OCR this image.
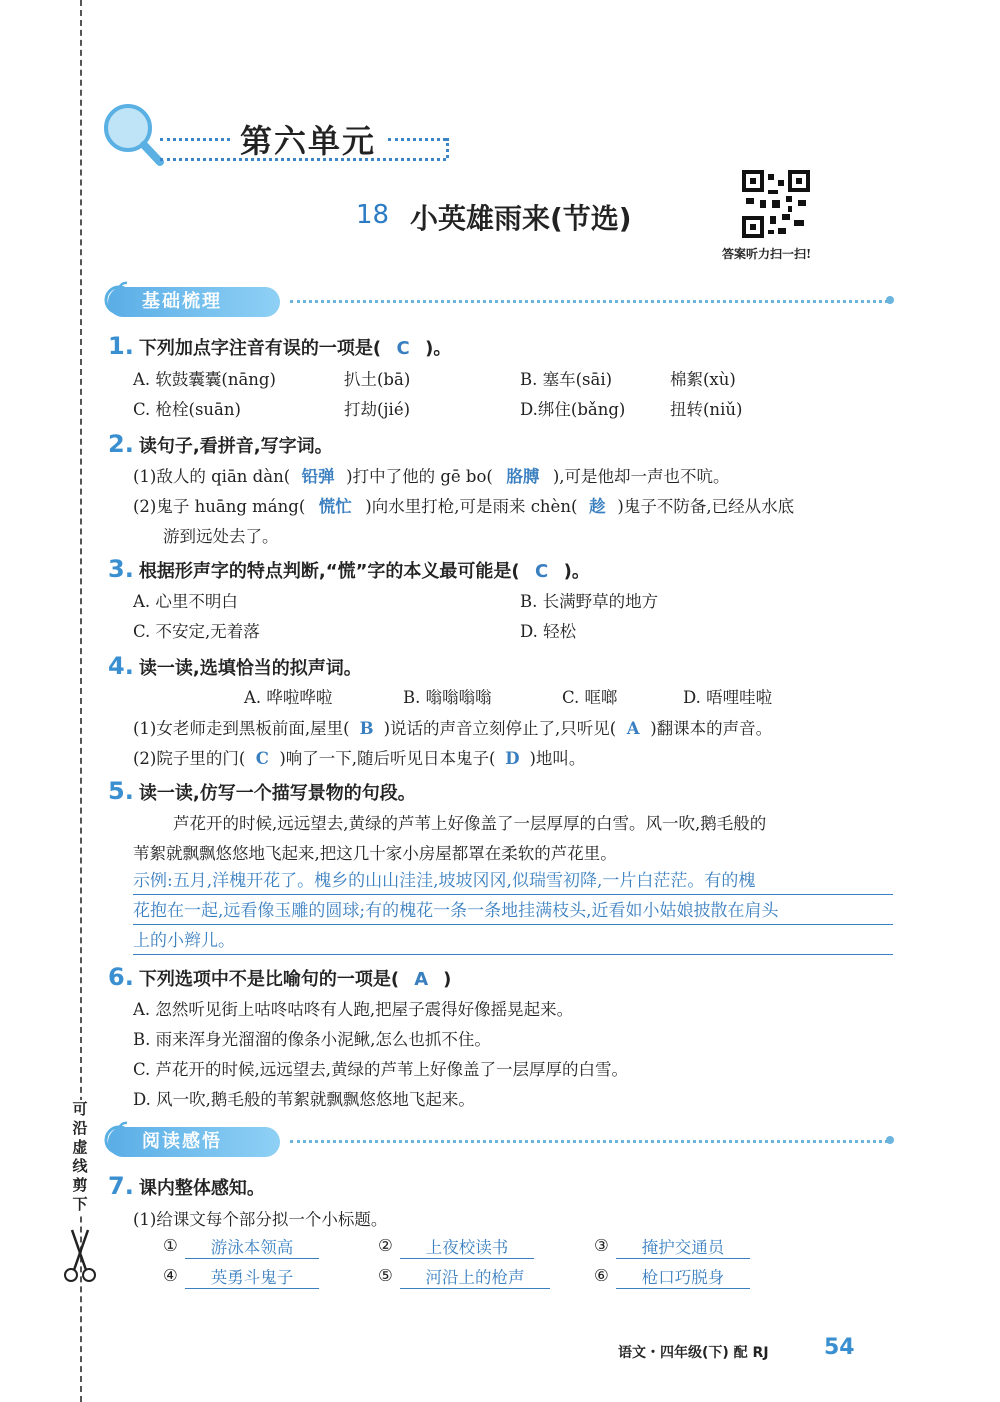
可沿虚线剪下
第六单元
18 小英雄雨来(节选)
答案听力扫一扫!
基础梳理
1. 下列加点字注音有误的一项是( C )。
A. 软鼓囊囊(nāng)	扒土(bā)	B. 塞车(sāi)	棉絮(xù)
C. 枪栓(suān)	打劫(jié)	D.绑住(bǎng)	扭转(niǔ)
2. 读句子,看拼音,写字词。
(1)敌人的 qiān dàn( 铅弹 )打中了他的 gē bo( 胳膊 ),可是他却一声也不吭。
(2)鬼子 huāng máng( 慌忙 )向水里打枪,可是雨来 chèn( 趁 )鬼子不防备,已经从水底
游到远处去了。
3. 根据形声字的特点判断,“慌”字的本义最可能是( C )。
A. 心里不明白	B. 长满野草的地方
C. 不安定,无着落	D. 轻松
4. 读一读,选填恰当的拟声词。
A. 哗啦哗啦	B. 嗡嗡嗡嗡	C. 哐啷	D. 唔哩哇啦
(1)女老师走到黑板前面,屋里( B )说话的声音立刻停止了,只听见( A )翻课本的声音。
(2)院子里的门( C )响了一下,随后听见日本鬼子( D )地叫。
5. 读一读,仿写一个描写景物的句段。
芦花开的时候,远远望去,黄绿的芦苇上好像盖了一层厚厚的白雪。风一吹,鹅毛般的
苇絮就飘飘悠悠地飞起来,把这几十家小房屋都罩在柔软的芦花里。
示例:五月,洋槐开花了。槐乡的山山洼洼,坡坡冈冈,似瑞雪初降,一片白茫茫。有的槐
花抱在一起,远看像玉雕的圆球;有的槐花一条一条地挂满枝头,近看如小姑娘披散在肩头
上的小辫儿。
6. 下列选项中不是比喻句的一项是( A )
A. 忽然听见街上咕咚咕咚有人跑,把屋子震得好像摇晃起来。
B. 雨来浑身光溜溜的像条小泥鳅,怎么也抓不住。
C. 芦花开的时候,远远望去,黄绿的芦苇上好像盖了一层厚厚的白雪。
D. 风一吹,鹅毛般的苇絮就飘飘悠悠地飞起来。
阅读感悟
7. 课内整体感知。
(1)给课文每个部分拟一个小标题。
①	游泳本领高	②	上夜校读书	③	掩护交通员
④	英勇斗鬼子	⑤	河沿上的枪声	⑥	枪口巧脱身
语文・四年级(下) 配 RJ	54
